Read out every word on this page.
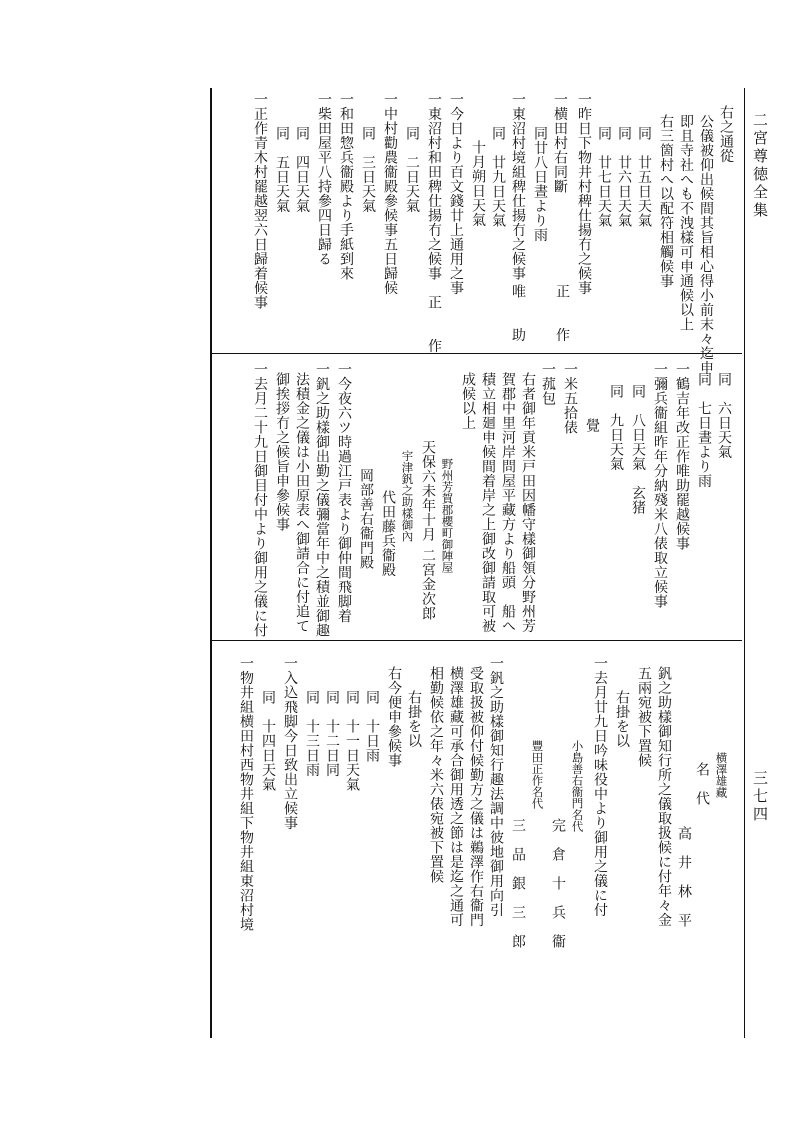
二宮尊徳全集
三七四
右之通從
公儀被仰出候間其旨相心得小前末々迄申
即且寺社へも不洩樣可申通候以上
右三箇村へ以配符相觸候事
同　廿五日天氣
同　廿六日天氣
同　廿七日天氣
一昨日下物井村稗仕揚冇之候事
正　　作
一横田村右同斷
同廿八日晝より雨
一東沼村境組稗仕揚冇之候事
唯　　助
同　廿九日天氣
十月朔日天氣
一今日より百文錢廿上通用之事
一東沼村和田稗仕揚冇之候事　正　　作
同　二日天氣
一中村勸農衞殿參候事五日歸候
同　三日天氣
一和田惣兵衞殿より手紙到來
一柴田屋平八持參四日歸る
同　四日天氣
同　五日天氣
一正作青木村罷越翌六日歸着候事
同　六日天氣
同　七日晝より雨
一鶴吉年改正作唯助罷越候事
一彌兵衞組昨年分納殘米八俵取立候事
同　八日天氣　玄猪
同　九日天氣
覺
一米五拾俵
一菰包
右者御年貢米戸田因幡守樣御領分野州芳
賀郡中里河岸問屋平藏方より船頭　船へ
積立相廻申候間着岸之上御改御請取可被
成候以上
野州芳賀郡櫻町御陣屋
天保六未年十月
二宮金次郎
宇津釩之助樣御內
代田藤兵衞殿
岡部善右衞門殿
一今夜六ツ時過江戸表より御仲間飛脚着
一釩之助樣御出勤之儀彌當年中之積並御趣
法積金之儀は小田原表へ御請合に付追て
御挨拶冇之候旨申參候事
一去月二十九日御目付中より御用之儀に付
横澤雄藏
名　代
高　井　林　平
釩之助樣御知行所之儀取扱候に付年々金
五兩宛被下置候
右掛を以
一去月廿九日吟味役中より御用之儀に付
小島善右衞門名代
完　倉　十　兵　衞
豐田正作名代
三　品　銀　三　郎
一釩之助樣御知行趣法調中彼地御用向引
受取扱被仰付候勤方之儀は鵜澤作右衞門
横澤雄藏可承合御用透之節は是迄之通可
相勤候依之年々米六俵宛被下置候
右掛を以
右今便申參候事
同　十日雨
同　十一日天氣
同　十二日同
同　十三日雨
一入込飛脚今日致出立候事
同　十四日天氣
一物井組横田村西物井組下物井組東沼村境
